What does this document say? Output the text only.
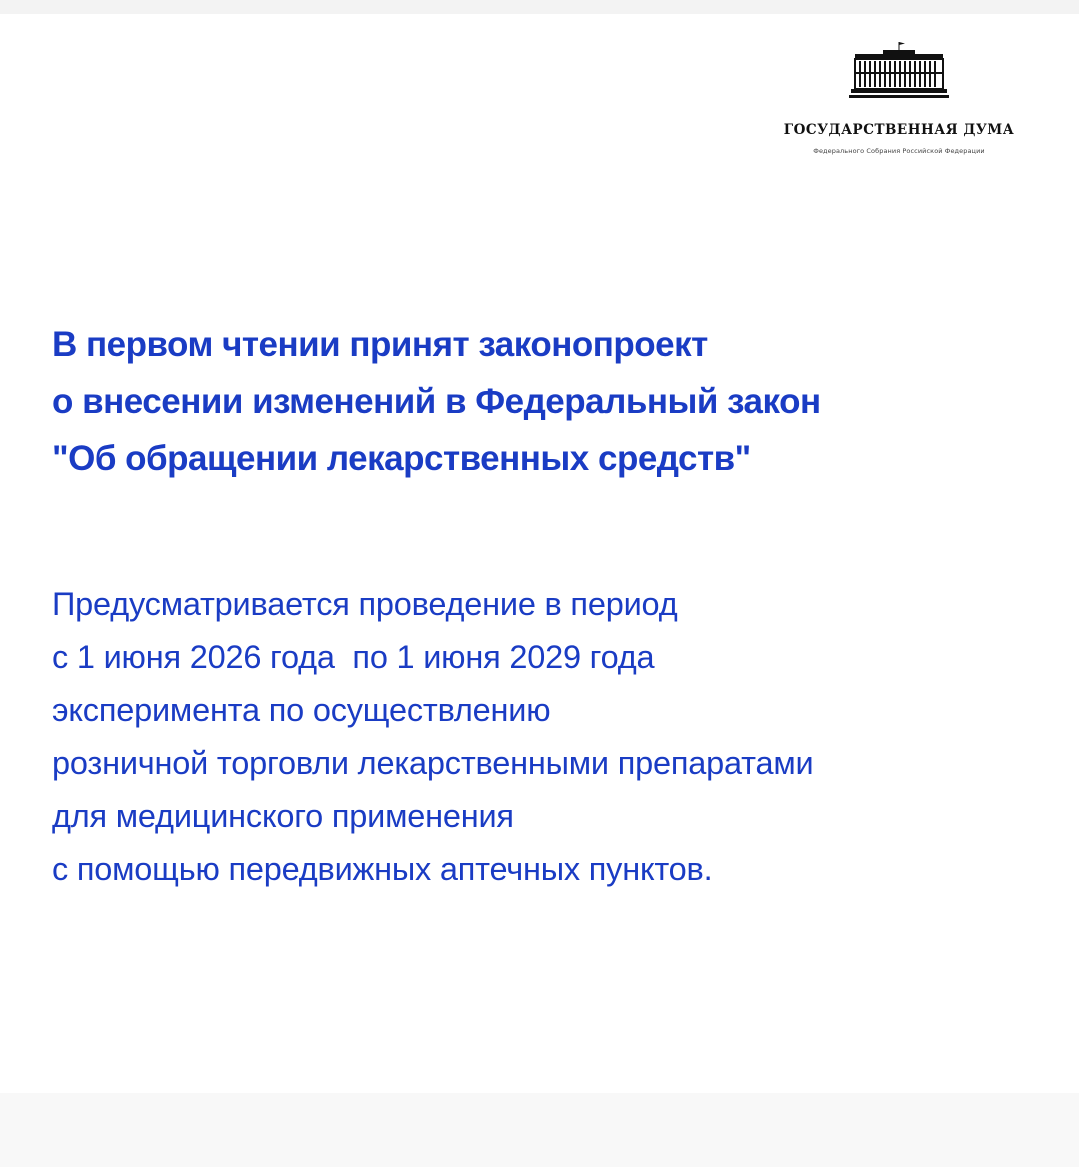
ГОСУДАРСТВЕННАЯ ДУМА
Федерального Собрания Российской Федерации
В первом чтении принят законопроект
о внесении изменений в Федеральный закон
"Об обращении лекарственных средств"

Предусматривается проведение в период
с 1 июня 2026 года  по 1 июня 2029 года
эксперимента по осуществлению
розничной торговли лекарственными препаратами
для медицинского применения
с помощью передвижных аптечных пунктов.
